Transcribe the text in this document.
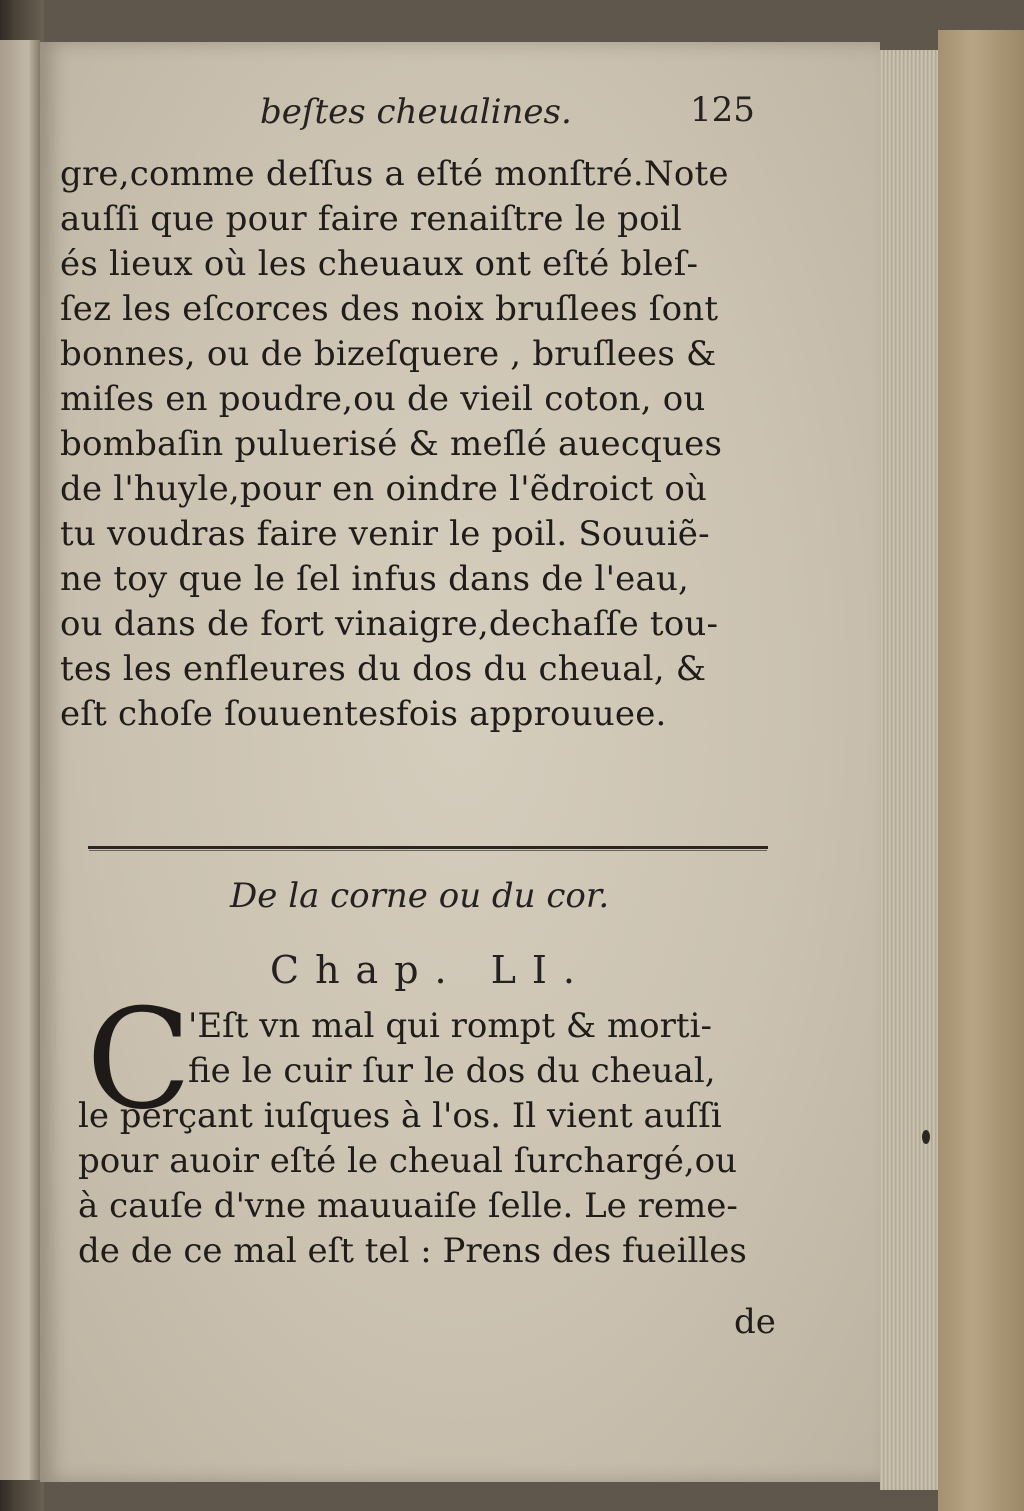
beſtes cheualines.	125
gre,comme deſſus a eſté monſtré.Note
auſſi que pour faire renaiſtre le poil
és lieux où les cheuaux ont eſté bleſ-
ſez les eſcorces des noix bruſlees ſont
bonnes, ou de bizeſquere , bruſlees &
miſes en poudre,ou de vieil coton, ou
bombaſin puluerisé & meſlé auecques
de l'huyle,pour en oindre l'ẽdroict où
tu voudras faire venir le poil. Souuiẽ-
ne toy que le ſel infus dans de l'eau,
ou dans de fort vinaigre,dechaſſe tou-
tes les enfleures du dos du cheual, &
eſt choſe ſouuentesfois approuuee.
De la corne ou du cor.
Chap. LI.
C
'Eſt vn mal qui rompt & morti-
fie le cuir ſur le dos du cheual,
le perçant iuſques à l'os. Il vient auſſi
pour auoir eſté le cheual ſurchargé,ou
à cauſe d'vne mauuaiſe ſelle. Le reme-
de de ce mal eſt tel : Prens des fueilles
de
